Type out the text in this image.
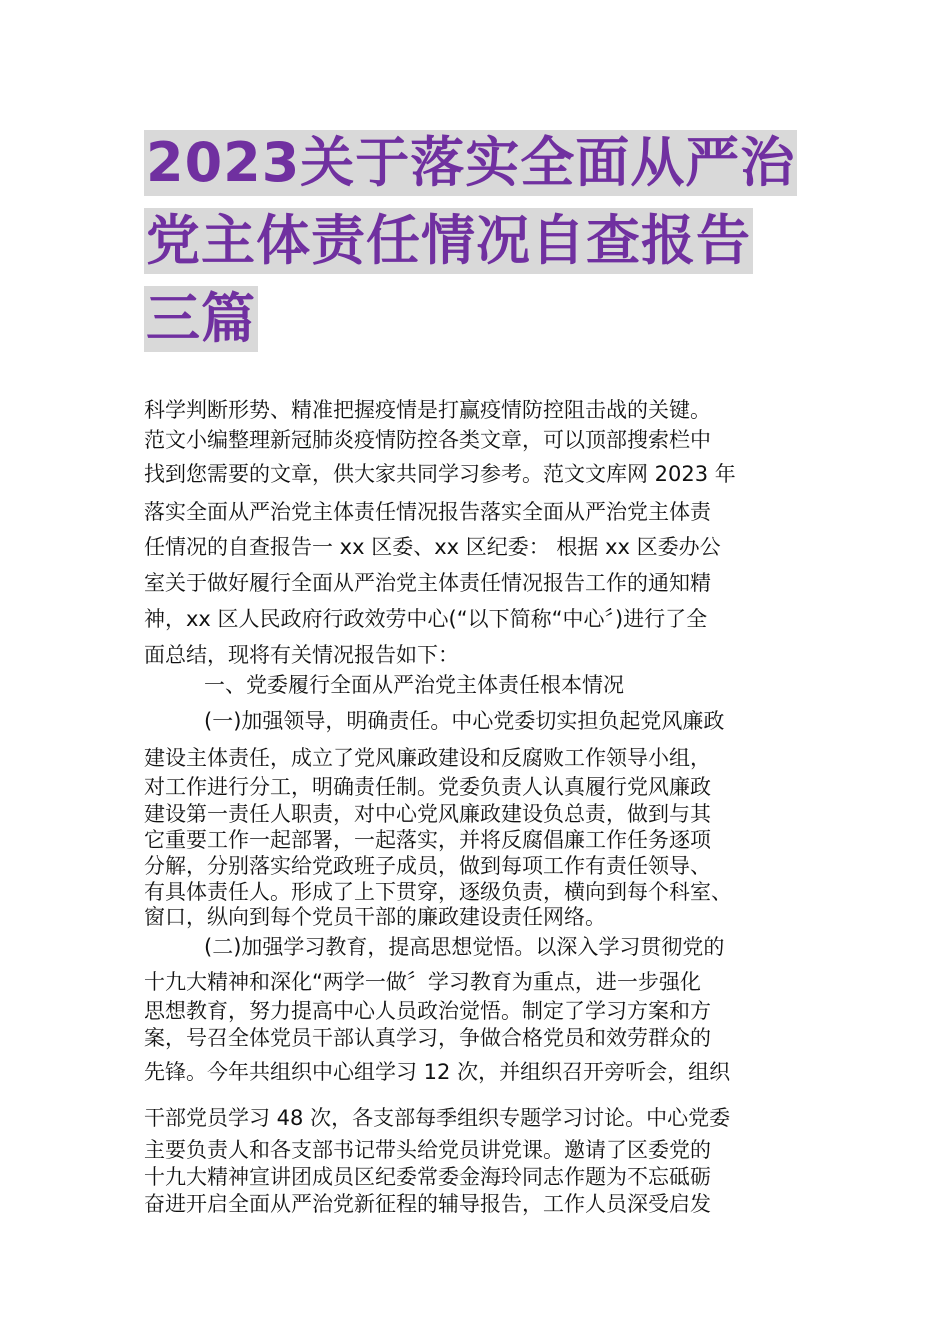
2023关于落实全面从严治
党主体责任情况自查报告
三篇
科学判断形势、精准把握疫情是打赢疫情防控阻击战的关键。
范文小编整理新冠肺炎疫情防控各类文章，可以顶部搜索栏中
找到您需要的文章，供大家共同学习参考。范文文库网 2023 年
落实全面从严治党主体责任情况报告落实全面从严治党主体责
任情况的自查报告一 xx 区委、xx 区纪委： 根据 xx 区委办公
室关于做好履行全面从严治党主体责任情况报告工作的通知精
神，xx 区人民政府行政效劳中心(“以下简称“中心〞)进行了全
面总结，现将有关情况报告如下：
一、党委履行全面从严治党主体责任根本情况
(一)加强领导，明确责任。中心党委切实担负起党风廉政
建设主体责任，成立了党风廉政建设和反腐败工作领导小组，
对工作进行分工，明确责任制。党委负责人认真履行党风廉政
建设第一责任人职责，对中心党风廉政建设负总责，做到与其
它重要工作一起部署，一起落实，并将反腐倡廉工作任务逐项
分解，分别落实给党政班子成员，做到每项工作有责任领导、
有具体责任人。形成了上下贯穿，逐级负责，横向到每个科室、
窗口，纵向到每个党员干部的廉政建设责任网络。
(二)加强学习教育，提高思想觉悟。以深入学习贯彻党的
十九大精神和深化“两学一做〞学习教育为重点，进一步强化
思想教育，努力提高中心人员政治觉悟。制定了学习方案和方
案，号召全体党员干部认真学习，争做合格党员和效劳群众的
先锋。今年共组织中心组学习 12 次，并组织召开旁听会，组织
干部党员学习 48 次，各支部每季组织专题学习讨论。中心党委
主要负责人和各支部书记带头给党员讲党课。邀请了区委党的
十九大精神宣讲团成员区纪委常委金海玲同志作题为不忘砥砺
奋进开启全面从严治党新征程的辅导报告，工作人员深受启发
